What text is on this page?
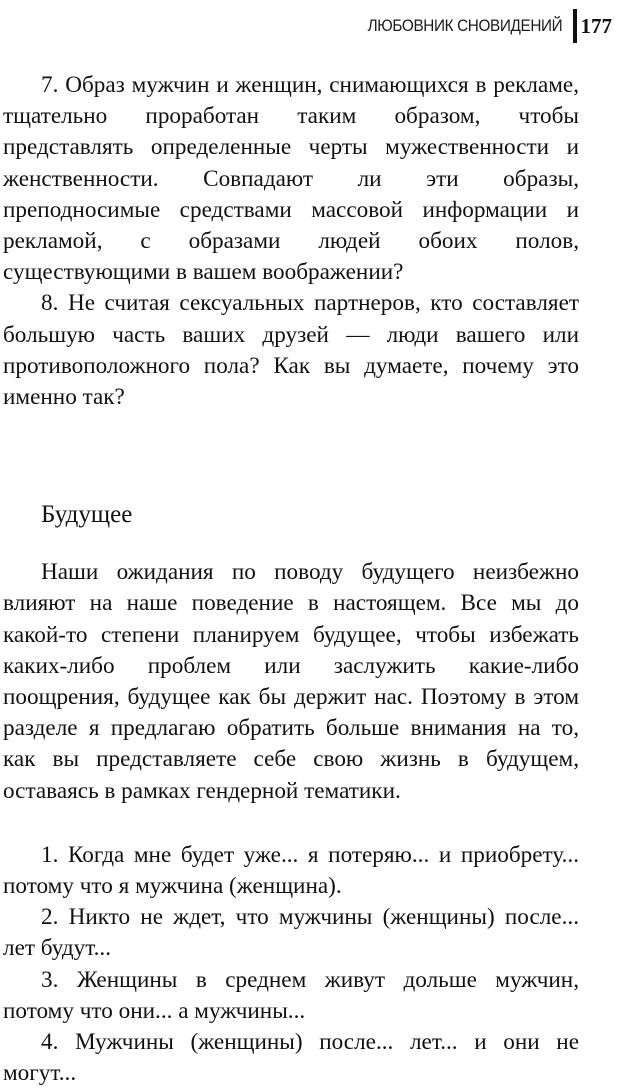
ЛЮБОВНИК СНОВИДЕНИЙ 177

7. Образ мужчин и женщин, снимающихся в рекламе, тщательно проработан таким образом, чтобы представлять определенные черты мужественности и женственности. Совпадают ли эти образы, преподносимые средствами массовой информации и рекламой, с образами людей обоих полов, существующими в вашем воображении?

8. Не считая сексуальных партнеров, кто составляет большую часть ваших друзей — люди вашего или противоположного пола? Как вы думаете, почему это именно так?

Будущее

Наши ожидания по поводу будущего неизбежно влияют на наше поведение в настоящем. Все мы до какой-то степени планируем будущее, чтобы избежать каких-либо проблем или заслужить какие-либо поощрения, будущее как бы держит нас. Поэтому в этом разделе я предлагаю обратить больше внимания на то, как вы представляете себе свою жизнь в будущем, оставаясь в рамках гендерной тематики.

1. Когда мне будет уже... я потеряю... и приобрету... потому что я мужчина (женщина).

2. Никто не ждет, что мужчины (женщины) после... лет будут...

3. Женщины в среднем живут дольше мужчин, потому что они... а мужчины...

4. Мужчины (женщины) после... лет... и они не могут...
